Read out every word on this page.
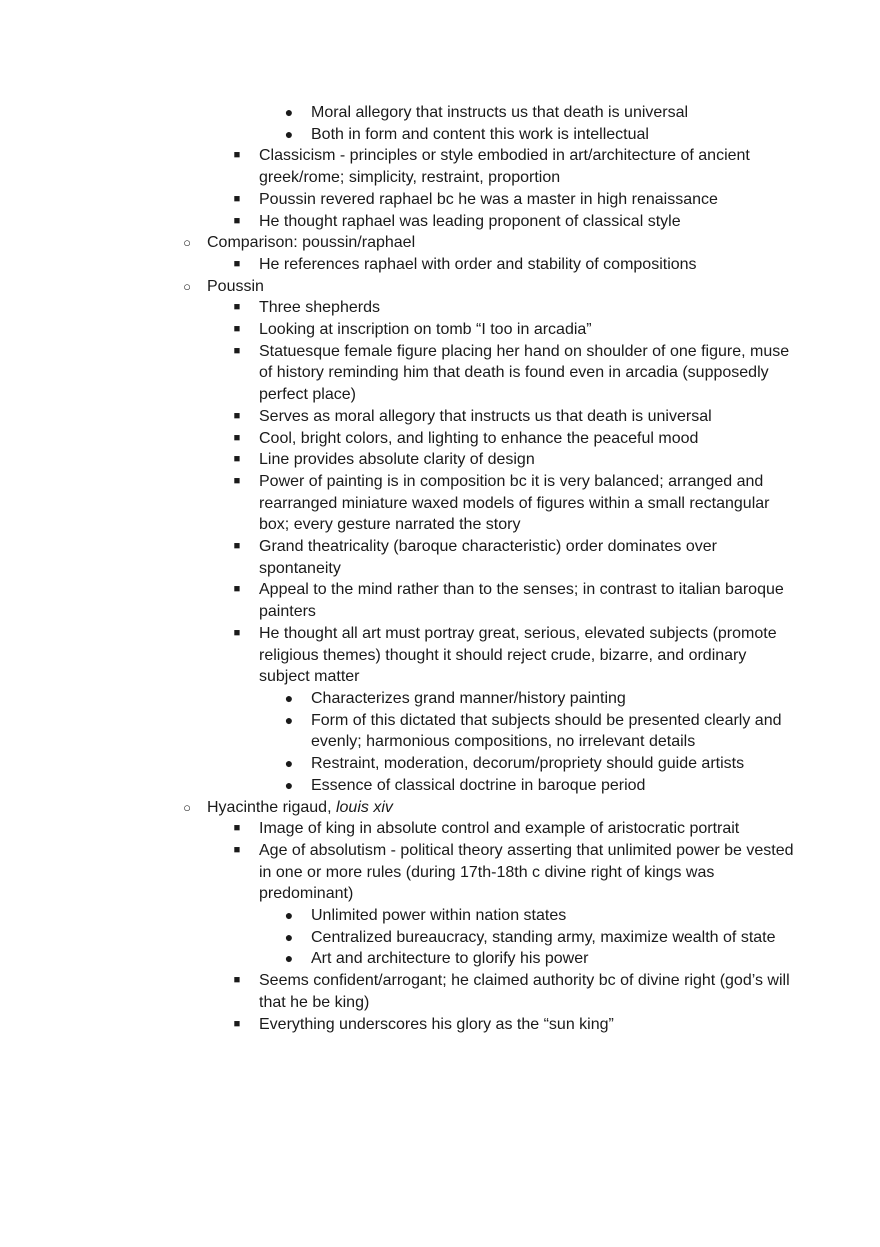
● Moral allegory that instructs us that death is universal
● Both in form and content this work is intellectual
■ Classicism - principles or style embodied in art/architecture of ancient greek/rome; simplicity, restraint, proportion
■ Poussin revered raphael bc he was a master in high renaissance
■ He thought raphael was leading proponent of classical style
○ Comparison: poussin/raphael
■ He references raphael with order and stability of compositions
○ Poussin
■ Three shepherds
■ Looking at inscription on tomb “I too in arcadia”
■ Statuesque female figure placing her hand on shoulder of one figure, muse of history reminding him that death is found even in arcadia (supposedly perfect place)
■ Serves as moral allegory that instructs us that death is universal
■ Cool, bright colors, and lighting to enhance the peaceful mood
■ Line provides absolute clarity of design
■ Power of painting is in composition bc it is very balanced; arranged and rearranged miniature waxed models of figures within a small rectangular box; every gesture narrated the story
■ Grand theatricality (baroque characteristic) order dominates over spontaneity
■ Appeal to the mind rather than to the senses; in contrast to italian baroque painters
■ He thought all art must portray great, serious, elevated subjects (promote religious themes) thought it should reject crude, bizarre, and ordinary subject matter
● Characterizes grand manner/history painting
● Form of this dictated that subjects should be presented clearly and evenly; harmonious compositions, no irrelevant details
● Restraint, moderation, decorum/propriety should guide artists
● Essence of classical doctrine in baroque period
○ Hyacinthe rigaud, louis xiv
■ Image of king in absolute control and example of aristocratic portrait
■ Age of absolutism - political theory asserting that unlimited power be vested in one or more rules (during 17th-18th c divine right of kings was predominant)
● Unlimited power within nation states
● Centralized bureaucracy, standing army, maximize wealth of state
● Art and architecture to glorify his power
■ Seems confident/arrogant; he claimed authority bc of divine right (god’s will that he be king)
■ Everything underscores his glory as the “sun king”
